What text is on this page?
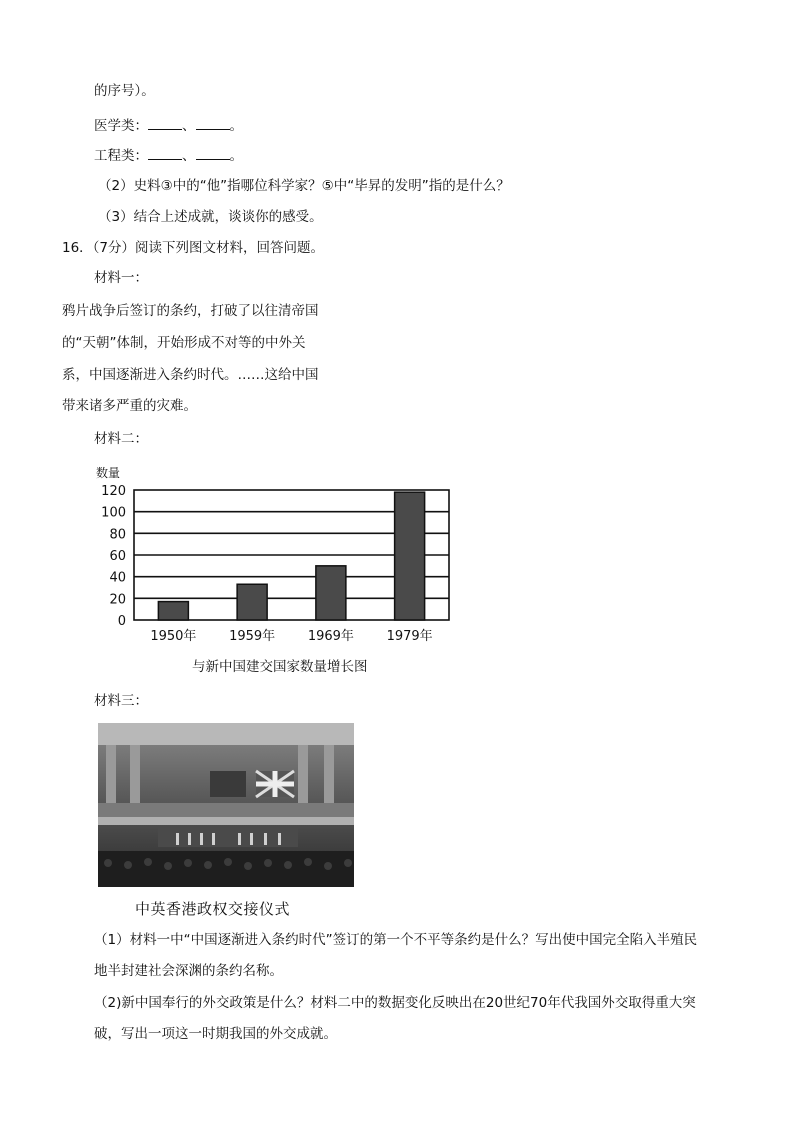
的序号）。
医学类：	、	。
工程类：	、	。
（2）史料③中的“他”指哪位科学家？⑤中“毕昇的发明”指的是什么？
（3）结合上述成就，谈谈你的感受。
16．（7分）阅读下列图文材料，回答问题。
材料一：
鸦片战争后签订的条约，打破了以往清帝国
的“天朝”体制，开始形成不对等的中外关
系，中国逐渐进入条约时代。……这给中国
带来诸多严重的灾难。
材料二：
数量
0
20
40
60
80
100
120
1950年	1959年	1969年	1979年
与新中国建交国家数量增长图
材料三：
中英香港政权交接仪式
（1）材料一中“中国逐渐进入条约时代”签订的第一个不平等条约是什么？写出使中国完全陷入半殖民
地半封建社会深渊的条约名称。
（2)新中国奉行的外交政策是什么？材料二中的数据变化反映出在20世纪70年代我国外交取得重大突
破，写出一项这一时期我国的外交成就。
